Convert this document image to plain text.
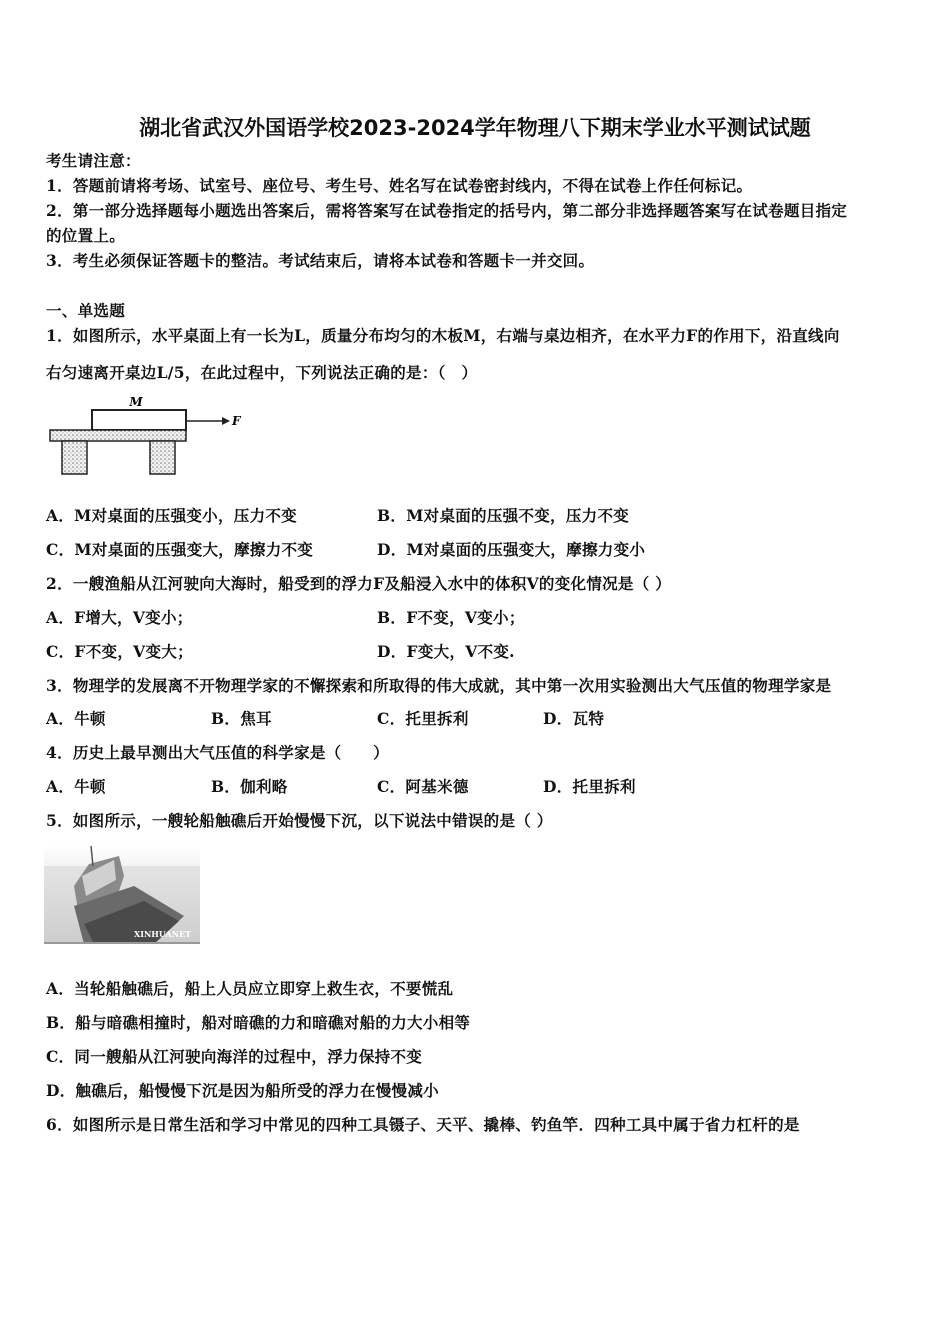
湖北省武汉外国语学校2023-2024学年物理八下期末学业水平测试试题
考生请注意：
1．答题前请将考场、试室号、座位号、考生号、姓名写在试卷密封线内，不得在试卷上作任何标记。
2．第一部分选择题每小题选出答案后，需将答案写在试卷指定的括号内，第二部分非选择题答案写在试卷题目指定
的位置上。
3．考生必须保证答题卡的整洁。考试结束后，请将本试卷和答题卡一并交回。
一、单选题
1．如图所示，水平桌面上有一长为L，质量分布均匀的木板M，右端与桌边相齐，在水平力F的作用下，沿直线向
右匀速离开桌边L/5，在此过程中，下列说法正确的是：（　）
M
F
A．M对桌面的压强变小，压力不变	B．M对桌面的压强不变，压力不变
C．M对桌面的压强变大，摩擦力不变	D．M对桌面的压强变大，摩擦力变小
2．一艘渔船从江河驶向大海时，船受到的浮力F及船浸入水中的体积V的变化情况是（ ）
A．F增大，V变小；	B．F不变，V变小；
C．F不变，V变大；	D．F变大，V不变.
3．物理学的发展离不开物理学家的不懈探索和所取得的伟大成就，其中第一次用实验测出大气压值的物理学家是
A．牛顿	B．焦耳	C．托里拆利	D．瓦特
4．历史上最早测出大气压值的科学家是（　　）
A．牛顿	B．伽利略	C．阿基米德	D．托里拆利
5．如图所示，一艘轮船触礁后开始慢慢下沉，以下说法中错误的是（ ）
XINHUANET
A．当轮船触礁后，船上人员应立即穿上救生衣，不要慌乱
B．船与暗礁相撞时，船对暗礁的力和暗礁对船的力大小相等
C．同一艘船从江河驶向海洋的过程中，浮力保持不变
D．触礁后，船慢慢下沉是因为船所受的浮力在慢慢减小
6．如图所示是日常生活和学习中常见的四种工具镊子、天平、撬棒、钓鱼竿．四种工具中属于省力杠杆的是
